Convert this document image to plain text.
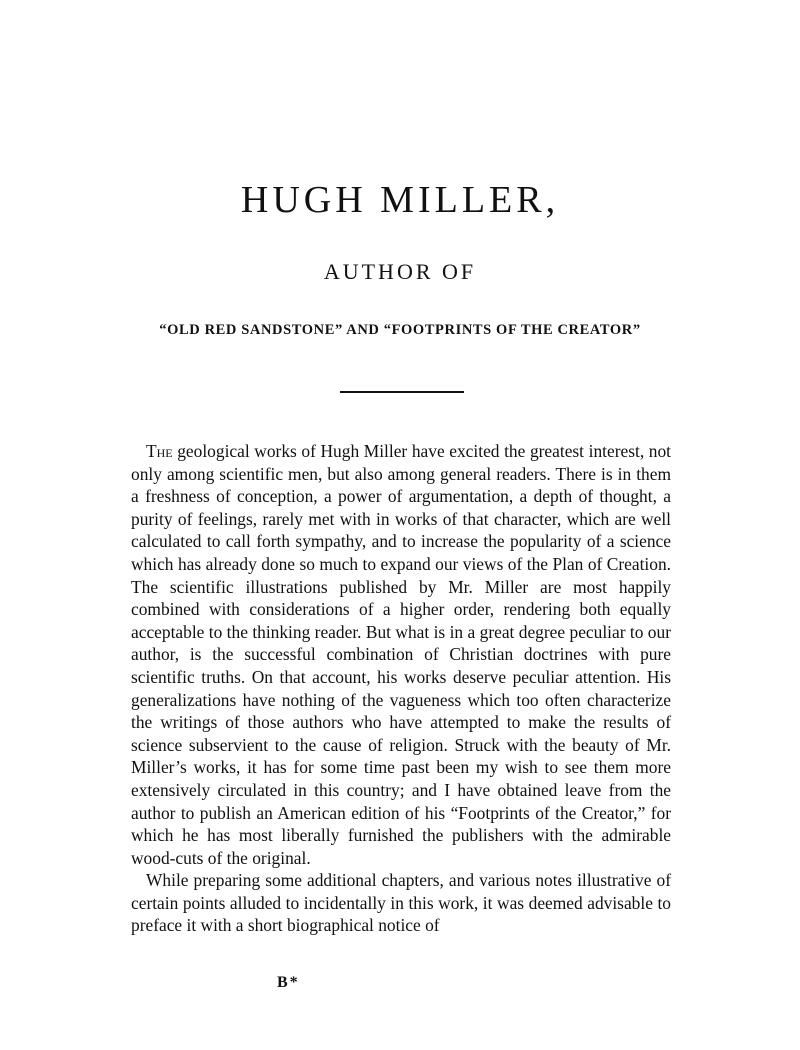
HUGH MILLER,
AUTHOR OF
“OLD RED SANDSTONE” AND “FOOTPRINTS OF THE CREATOR”

The geological works of Hugh Miller have excited the greatest interest, not only among scientific men, but also among general readers. There is in them a freshness of conception, a power of argumentation, a depth of thought, a purity of feelings, rarely met with in works of that character, which are well calculated to call forth sympathy, and to increase the popularity of a science which has already done so much to expand our views of the Plan of Creation. The scientific illustrations published by Mr. Miller are most happily combined with considerations of a higher order, rendering both equally acceptable to the thinking reader. But what is in a great degree peculiar to our author, is the successful combination of Christian doctrines with pure scientific truths. On that account, his works deserve peculiar attention. His generalizations have nothing of the vagueness which too often characterize the writings of those authors who have attempted to make the results of science subservient to the cause of religion. Struck with the beauty of Mr. Miller’s works, it has for some time past been my wish to see them more extensively circulated in this country; and I have obtained leave from the author to publish an American edition of his “Footprints of the Creator,” for which he has most liberally furnished the publishers with the admirable wood-cuts of the original.

While preparing some additional chapters, and various notes illustrative of certain points alluded to incidentally in this work, it was deemed advisable to preface it with a short biographical notice of

B*
